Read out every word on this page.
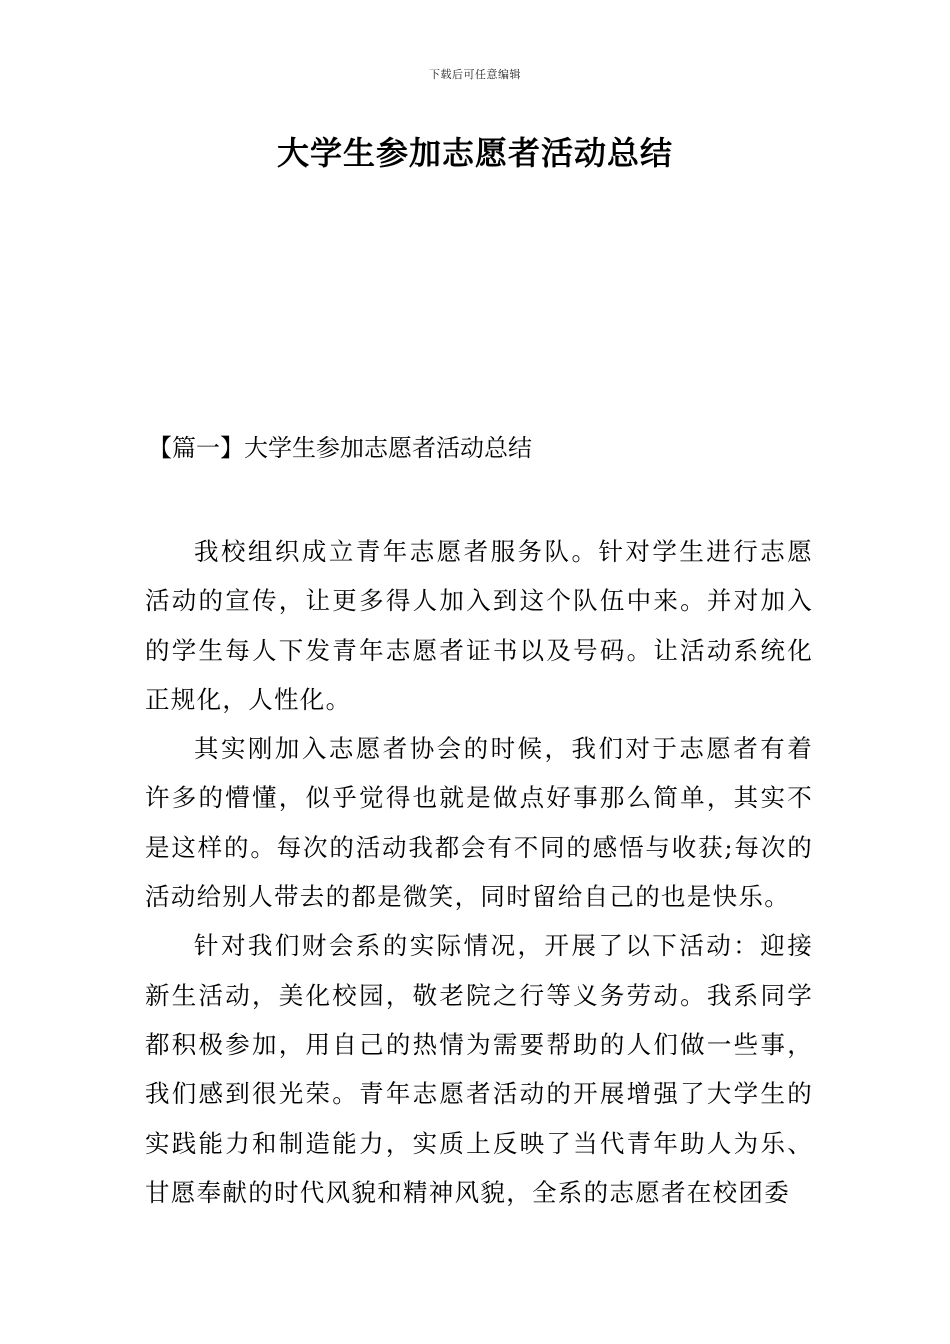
下载后可任意编辑
大学生参加志愿者活动总结
【篇一】大学生参加志愿者活动总结

我校组织成立青年志愿者服务队。针对学生进行志愿活动的宣传，让更多得人加入到这个队伍中来。并对加入的学生每人下发青年志愿者证书以及号码。让活动系统化正规化，人性化。

其实刚加入志愿者协会的时候，我们对于志愿者有着许多的懵懂，似乎觉得也就是做点好事那么简单，其实不是这样的。每次的活动我都会有不同的感悟与收获;每次的活动给别人带去的都是微笑，同时留给自己的也是快乐。

针对我们财会系的实际情况，开展了以下活动：迎接新生活动，美化校园，敬老院之行等义务劳动。我系同学都积极参加，用自己的热情为需要帮助的人们做一些事，我们感到很光荣。青年志愿者活动的开展增强了大学生的实践能力和制造能力，实质上反映了当代青年助人为乐、甘愿奉献的时代风貌和精神风貌，全系的志愿者在校团委
